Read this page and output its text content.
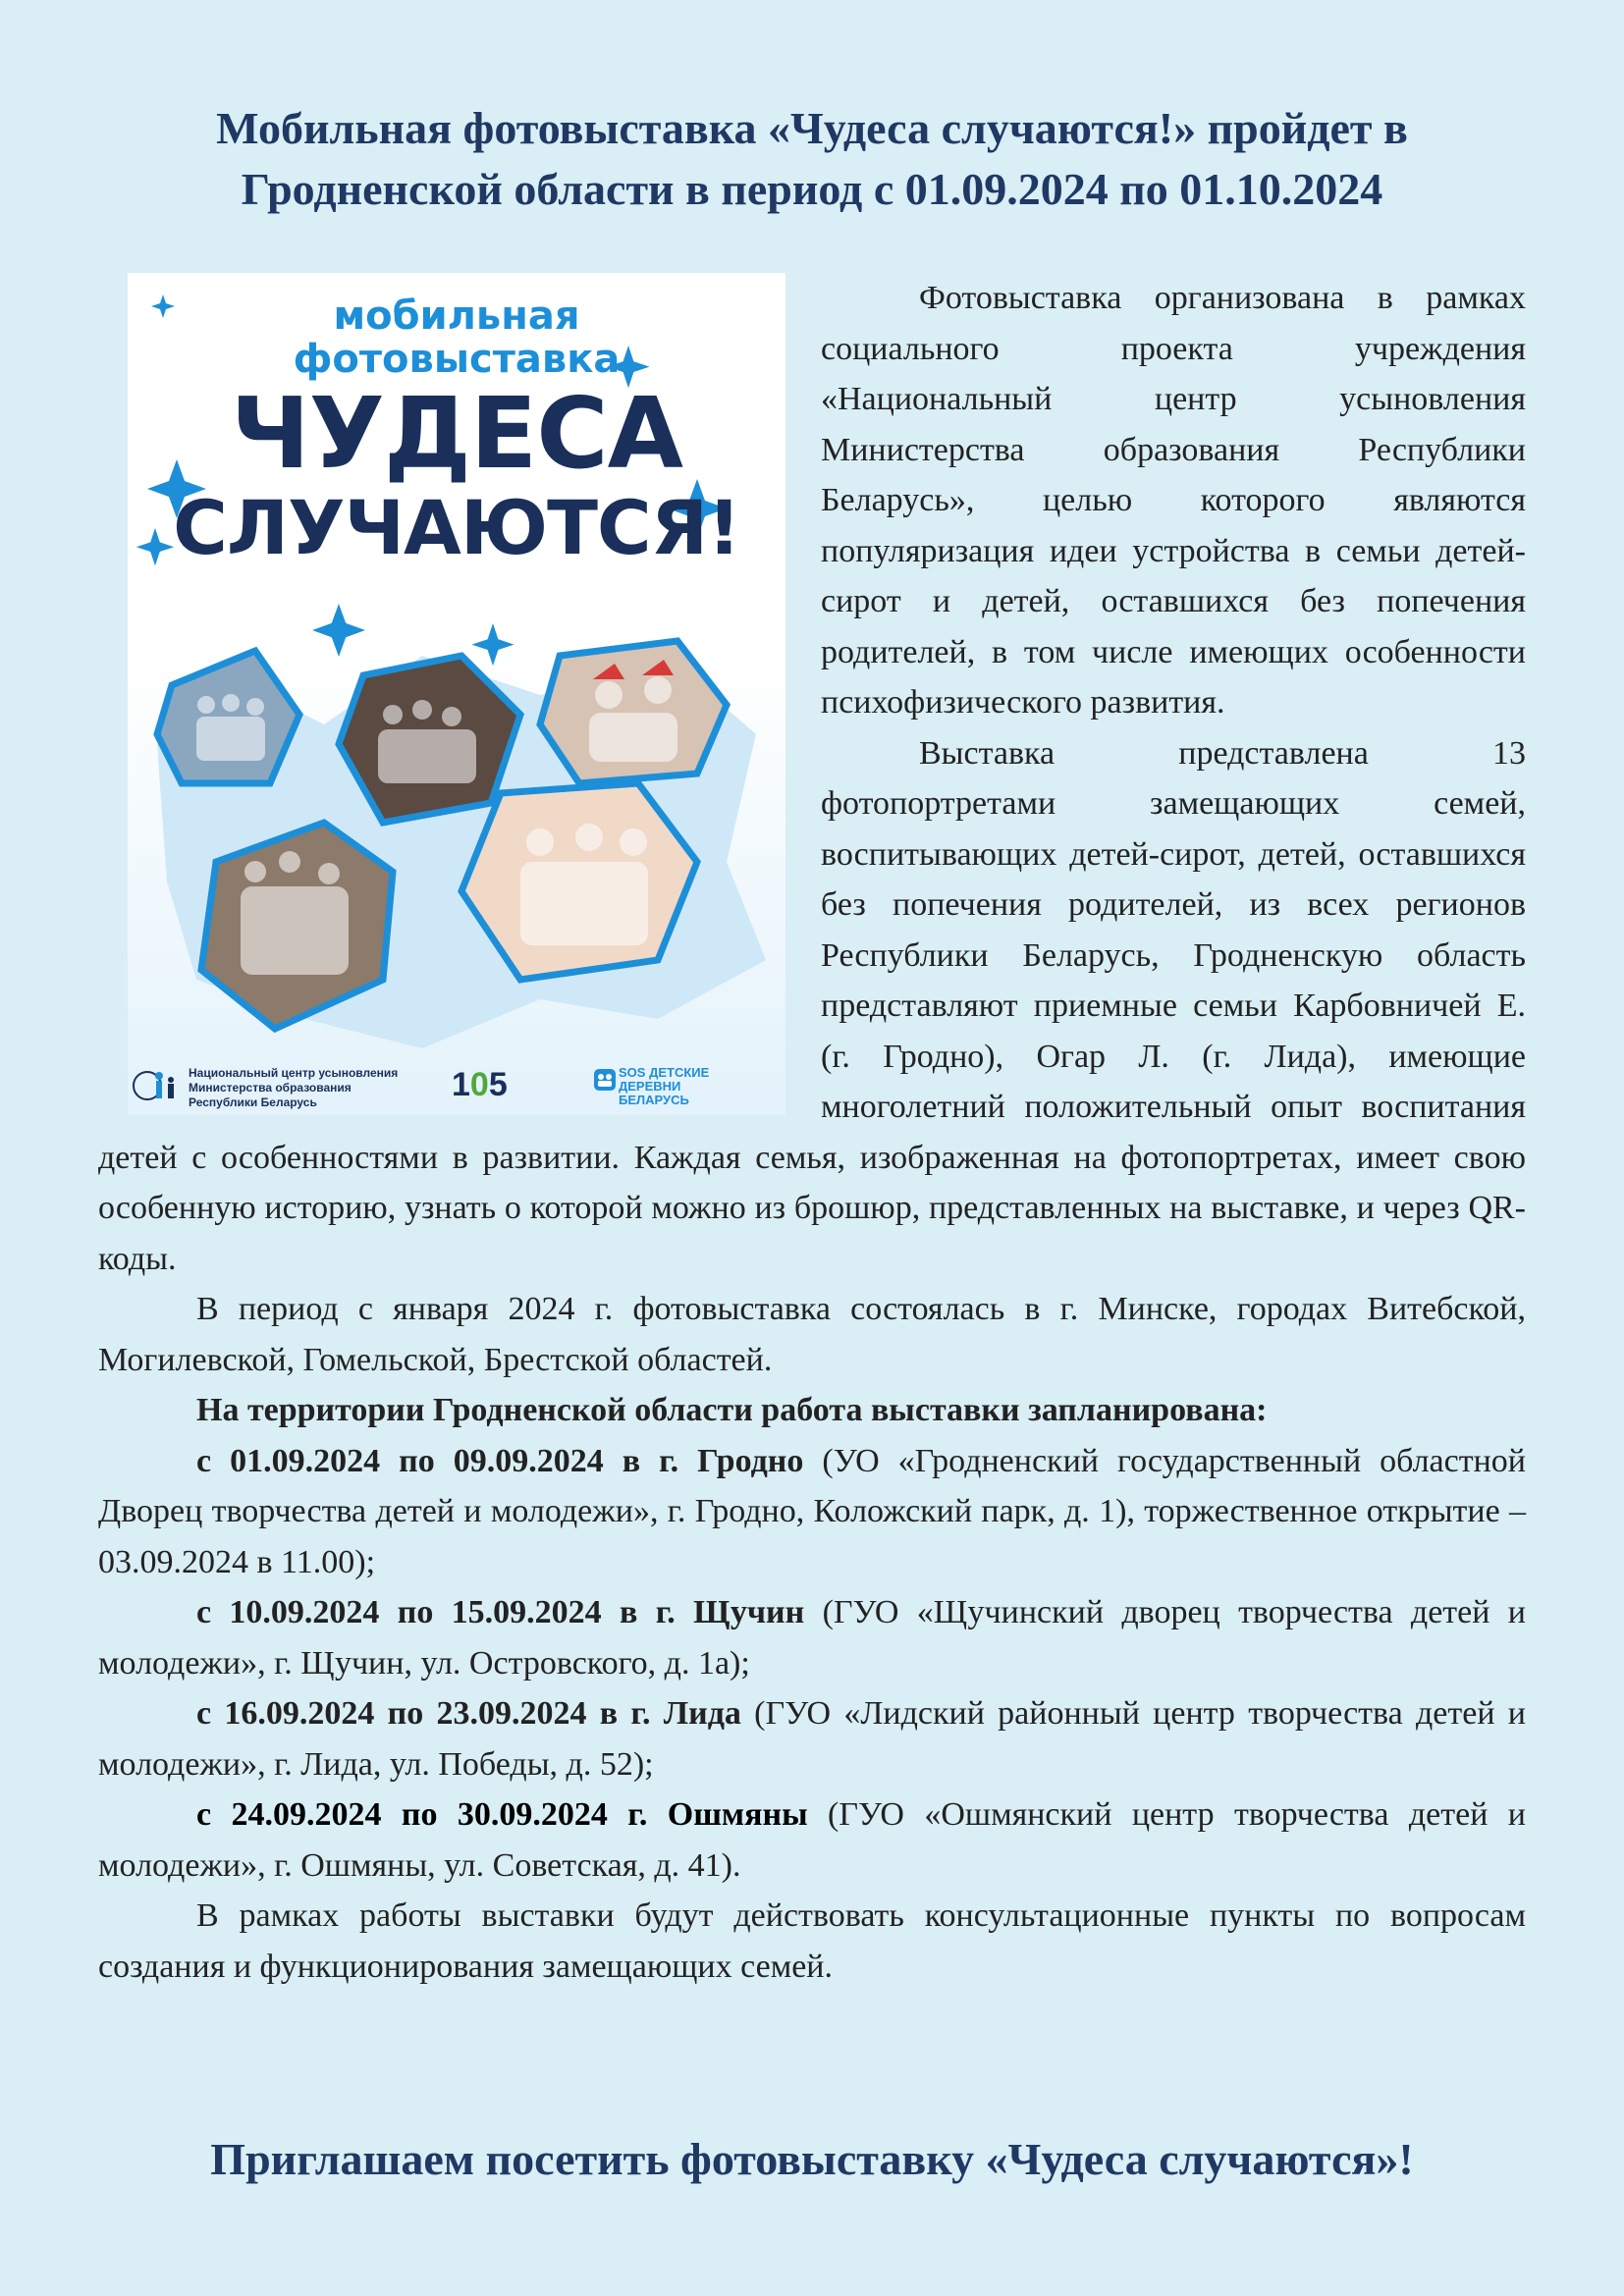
Мобильная фотовыставка «Чудеса случаются!» пройдет в
Гродненской области в период с 01.09.2024 по 01.10.2024
мобильная
фотовыставка
ЧУДЕСА
СЛУЧАЮТСЯ!
Национальный центр усыновления
Министерства образования
Республики Беларусь	105	SOS ДЕТСКИЕ
ДЕРЕВНИ
БЕЛАРУСЬ

Фотовыставка организована в рамках социального проекта учреждения «Национальный центр усыновления Министерства образования Республики Беларусь», целью которого являются популяризация идеи устройства в семьи детей-сирот и детей, оставшихся без попечения родителей, в том числе имеющих особенности психофизического развития.

Выставка представлена 13 фотопортретами замещающих семей, воспитывающих детей-сирот, детей, оставшихся без попечения родителей, из всех регионов Республики Беларусь, Гродненскую область представляют приемные семьи Карбовничей Е. (г. Гродно), Огар Л. (г. Лида), имеющие многолетний положительный опыт воспитания детей с особенностями в развитии. Каждая семья, изображенная на фотопортретах, имеет свою особенную историю, узнать о которой можно из брошюр, представленных на выставке, и через QR-коды.

В период с января 2024 г. фотовыставка состоялась в г. Минске, городах Витебской, Могилевской, Гомельской, Брестской областей.

На территории Гродненской области работа выставки запланирована:

с 01.09.2024 по 09.09.2024 в г. Гродно (УО «Гродненский государственный областной Дворец творчества детей и молодежи», г. Гродно, Коложский парк, д. 1), торжественное открытие – 03.09.2024 в 11.00);

с 10.09.2024 по 15.09.2024 в г. Щучин (ГУО «Щучинский дворец творчества детей и молодежи», г. Щучин, ул. Островского, д. 1а);

с 16.09.2024 по 23.09.2024 в г. Лида (ГУО «Лидский районный центр творчества детей и молодежи», г. Лида, ул. Победы, д. 52);

с 24.09.2024 по 30.09.2024 г. Ошмяны (ГУО «Ошмянский центр творчества детей и молодежи», г. Ошмяны, ул. Советская, д. 41).

В рамках работы выставки будут действовать консультационные пункты по вопросам создания и функционирования замещающих семей.

Приглашаем посетить фотовыставку «Чудеса случаются»!
